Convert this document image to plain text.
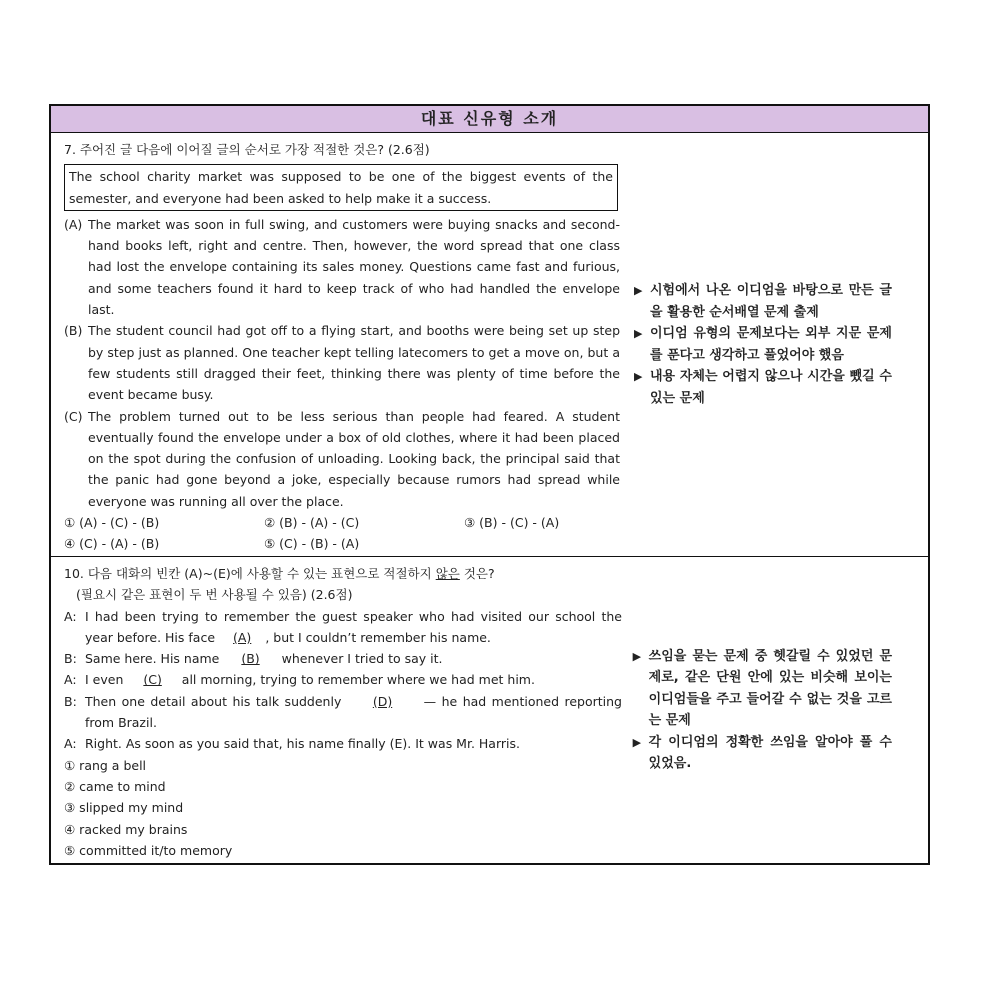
대표 신유형 소개

7. 주어진 글 다음에 이어질 글의 순서로 가장 적절한 것은? (2.6점)

The school charity market was supposed to be one of the biggest events of the semester, and everyone had been asked to help make it a success.
(A) The market was soon in full swing, and customers were buying snacks and second-hand books left, right and centre. Then, however, the word spread that one class had lost the envelope containing its sales money. Questions came fast and furious, and some teachers found it hard to keep track of who had handled the envelope last.
(B) The student council had got off to a flying start, and booths were being set up step by step just as planned. One teacher kept telling latecomers to get a move on, but a few students still dragged their feet, thinking there was plenty of time before the event became busy.
(C) The problem turned out to be less serious than people had feared. A student eventually found the envelope under a box of old clothes, where it had been placed on the spot during the confusion of unloading. Looking back, the principal said that the panic had gone beyond a joke, especially because rumors had spread while everyone was running all over the place.
① (A) - (C) - (B)	② (B) - (A) - (C)	③ (B) - (C) - (A)
④ (C) - (A) - (B)	⑤ (C) - (B) - (A)

▶ 시험에서 나온 이디엄을 바탕으로 만든 글을 활용한 순서배열 문제 출제

▶ 이디엄 유형의 문제보다는 외부 지문 문제를 푼다고 생각하고 풀었어야 했음

▶ 내용 자체는 어렵지 않으나 시간을 뺐길 수 있는 문제

10. 다음 대화의 빈칸 (A)~(E)에 사용할 수 있는 표현으로 적절하지 않은 것은?

(필요시 같은 표현이 두 번 사용될 수 있음) (2.6점)

A: I had been trying to remember the guest speaker who had visited our school the year before. His face (A) , but I couldn’t remember his name.
B: Same here. His name (B) whenever I tried to say it.
A: I even (C) all morning, trying to remember where we had met him.
B: Then one detail about his talk suddenly (D) — he had mentioned reporting from Brazil.
A: Right. As soon as you said that, his name finally (E). It was Mr. Harris.

① rang a bell

② came to mind

③ slipped my mind

④ racked my brains

⑤ committed it/to memory

▶ 쓰임을 묻는 문제 중 헷갈릴 수 있었던 문제로, 같은 단원 안에 있는 비슷해 보이는 이디엄들을 주고 들어갈 수 없는 것을 고르는 문제

▶ 각 이디엄의 정확한 쓰임을 알아야 풀 수 있었음.
